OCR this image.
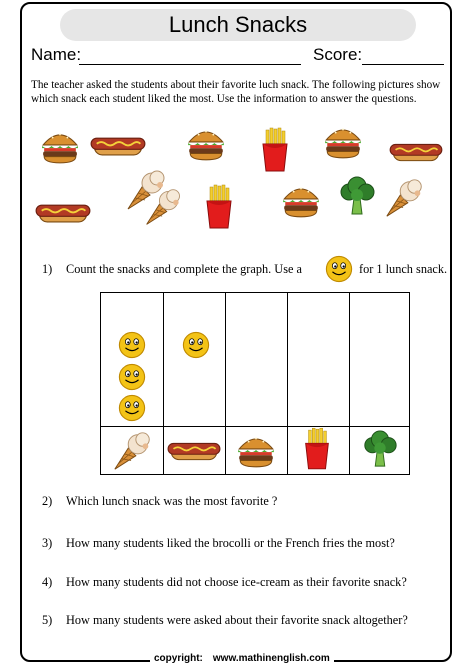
Lunch Snacks
Name:	Score:
The teacher asked the students about their favorite luch snack. The following pictures show which snack each student liked the most. Use the information to answer the questions.
1) Count the snacks and complete the graph. Use a	for 1 lunch snack.
2) Which lunch snack was the most favorite ?
3) How many students liked the brocolli or the French fries the most?
4) How many students did not choose ice-cream as their favorite snack?
5) How many students were asked about their favorite snack altogether?
copyright: www.mathinenglish.com
